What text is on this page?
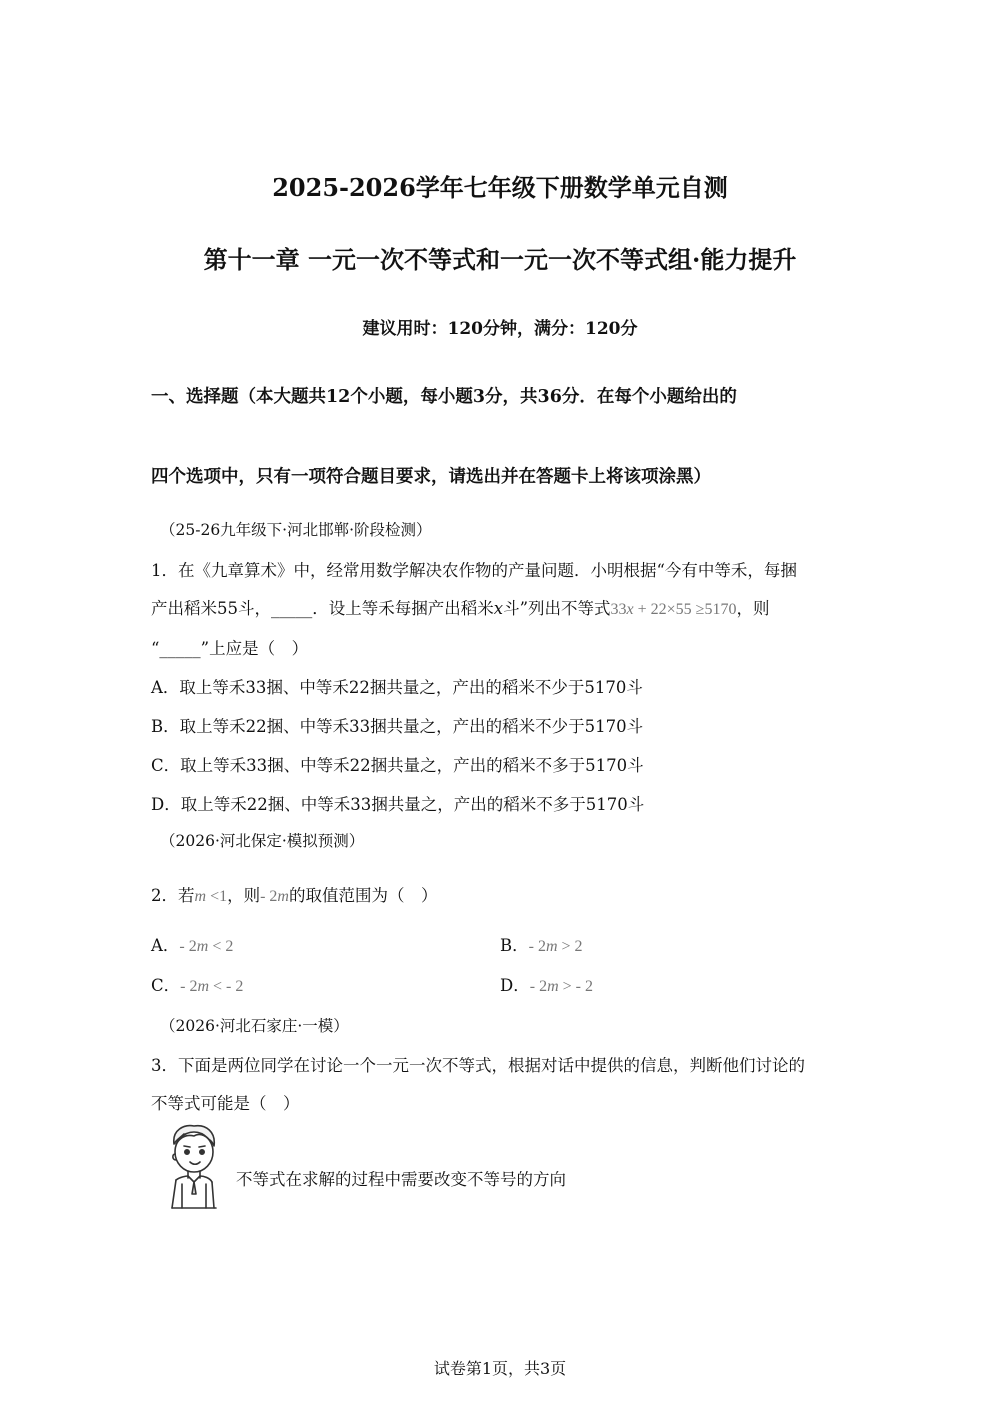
2025-2026学年七年级下册数学单元自测
第十一章 一元一次不等式和一元一次不等式组·能力提升
建议用时：120分钟，满分：120分
一、选择题（本大题共12个小题，每小题3分，共36分．在每个小题给出的
四个选项中，只有一项符合题目要求，请选出并在答题卡上将该项涂黑）
（25-26九年级下·河北邯郸·阶段检测）
1．在《九章算术》中，经常用数学解决农作物的产量问题．小明根据“今有中等禾，每捆
产出稻米55斗，_____．设上等禾每捆产出稻米x斗”列出不等式33x + 22×55 ≥5170，则
“_____”上应是（　）
A．取上等禾33捆、中等禾22捆共量之，产出的稻米不少于5170斗
B．取上等禾22捆、中等禾33捆共量之，产出的稻米不少于5170斗
C．取上等禾33捆、中等禾22捆共量之，产出的稻米不多于5170斗
D．取上等禾22捆、中等禾33捆共量之，产出的稻米不多于5170斗
（2026·河北保定·模拟预测）
2．若m <1，则- 2m的取值范围为（　）
A．- 2m < 2	B．- 2m > 2
C．- 2m < - 2	D．- 2m > - 2
（2026·河北石家庄·一模）
3．下面是两位同学在讨论一个一元一次不等式，根据对话中提供的信息，判断他们讨论的
不等式可能是（　）
不等式在求解的过程中需要改变不等号的方向
试卷第1页，共3页
